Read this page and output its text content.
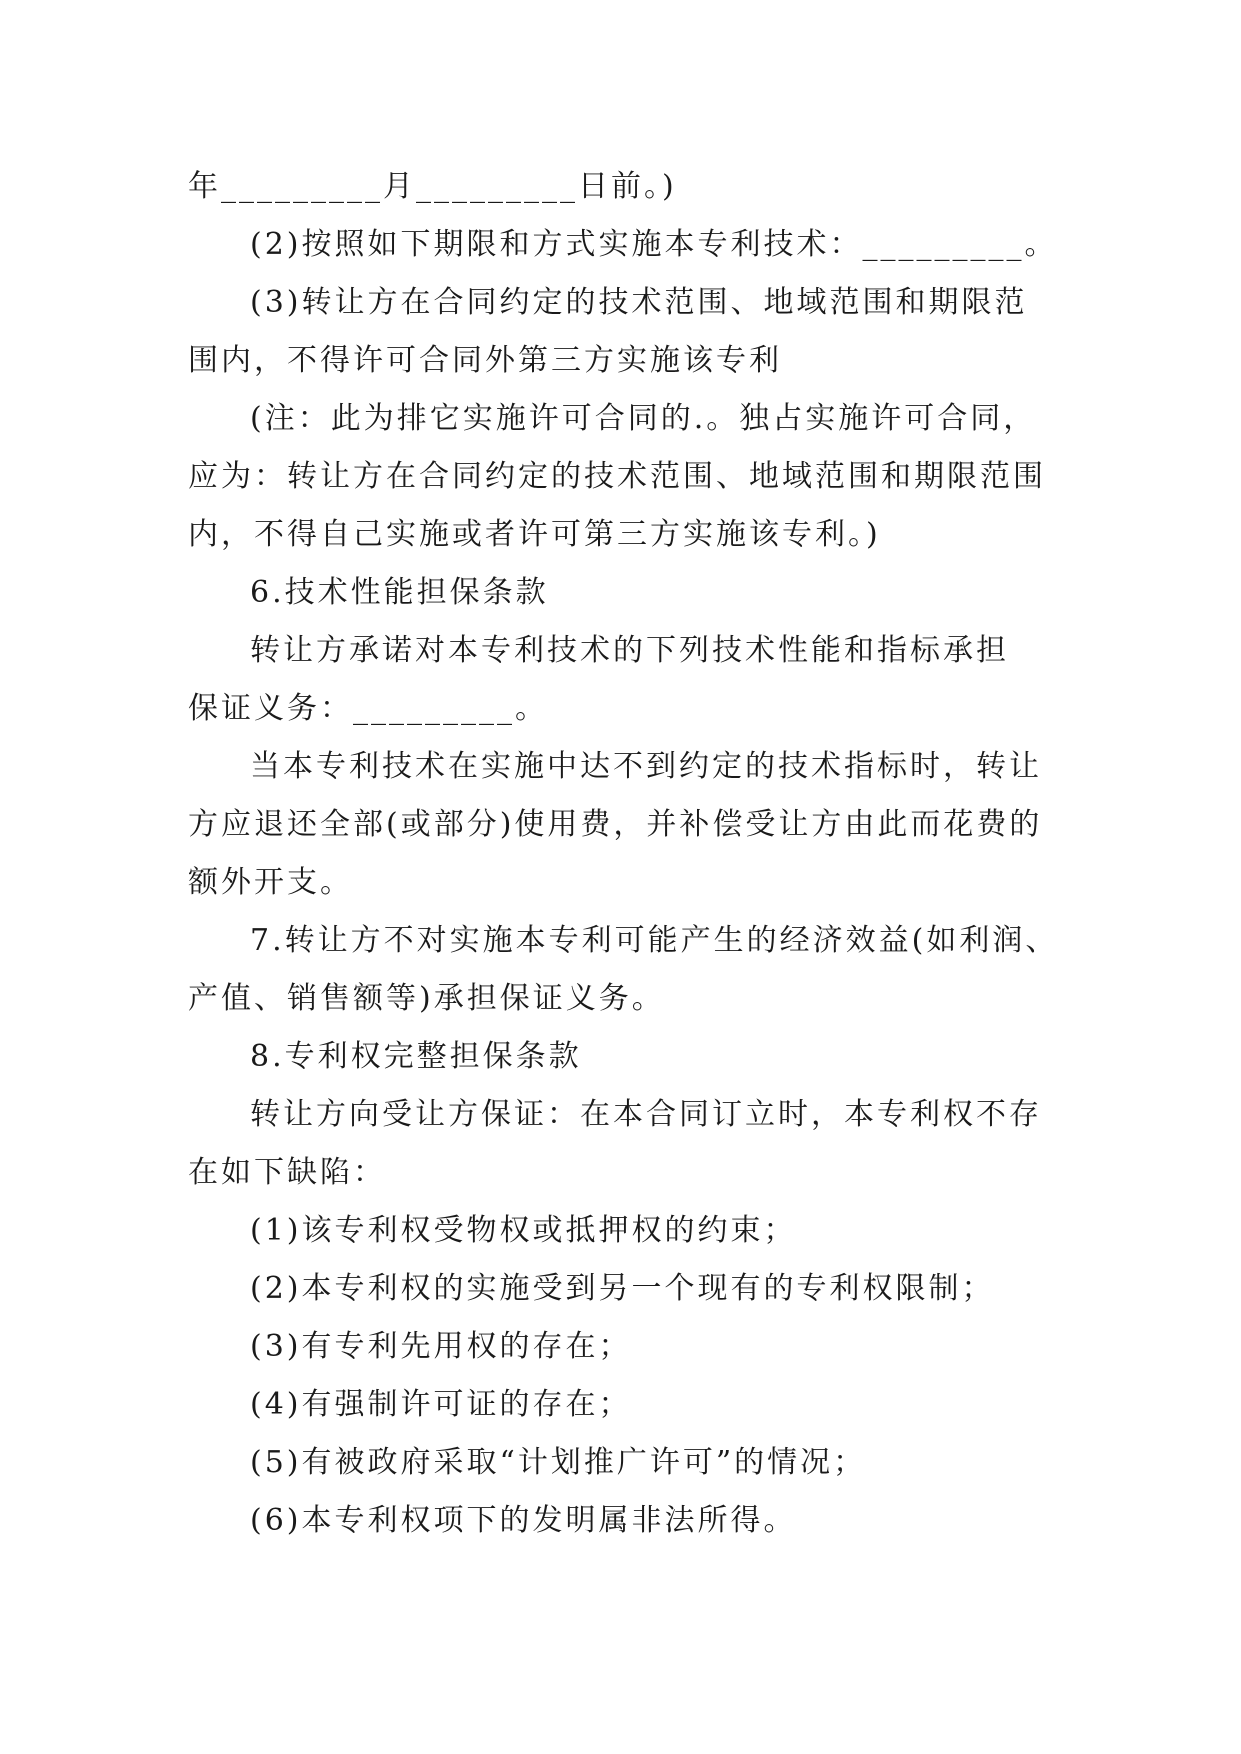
年_________月_________日前。)
(2)按照如下期限和方式实施本专利技术：_________。
(3)转让方在合同约定的技术范围、地域范围和期限范
围内，不得许可合同外第三方实施该专利
(注：此为排它实施许可合同的.。独占实施许可合同，
应为：转让方在合同约定的技术范围、地域范围和期限范围
内，不得自己实施或者许可第三方实施该专利。)
6.技术性能担保条款
转让方承诺对本专利技术的下列技术性能和指标承担
保证义务：_________。
当本专利技术在实施中达不到约定的技术指标时，转让
方应退还全部(或部分)使用费，并补偿受让方由此而花费的
额外开支。
7.转让方不对实施本专利可能产生的经济效益(如利润、
产值、销售额等)承担保证义务。
8.专利权完整担保条款
转让方向受让方保证：在本合同订立时，本专利权不存
在如下缺陷：
(1)该专利权受物权或抵押权的约束；
(2)本专利权的实施受到另一个现有的专利权限制；
(3)有专利先用权的存在；
(4)有强制许可证的存在；
(5)有被政府采取“计划推广许可”的情况；
(6)本专利权项下的发明属非法所得。
